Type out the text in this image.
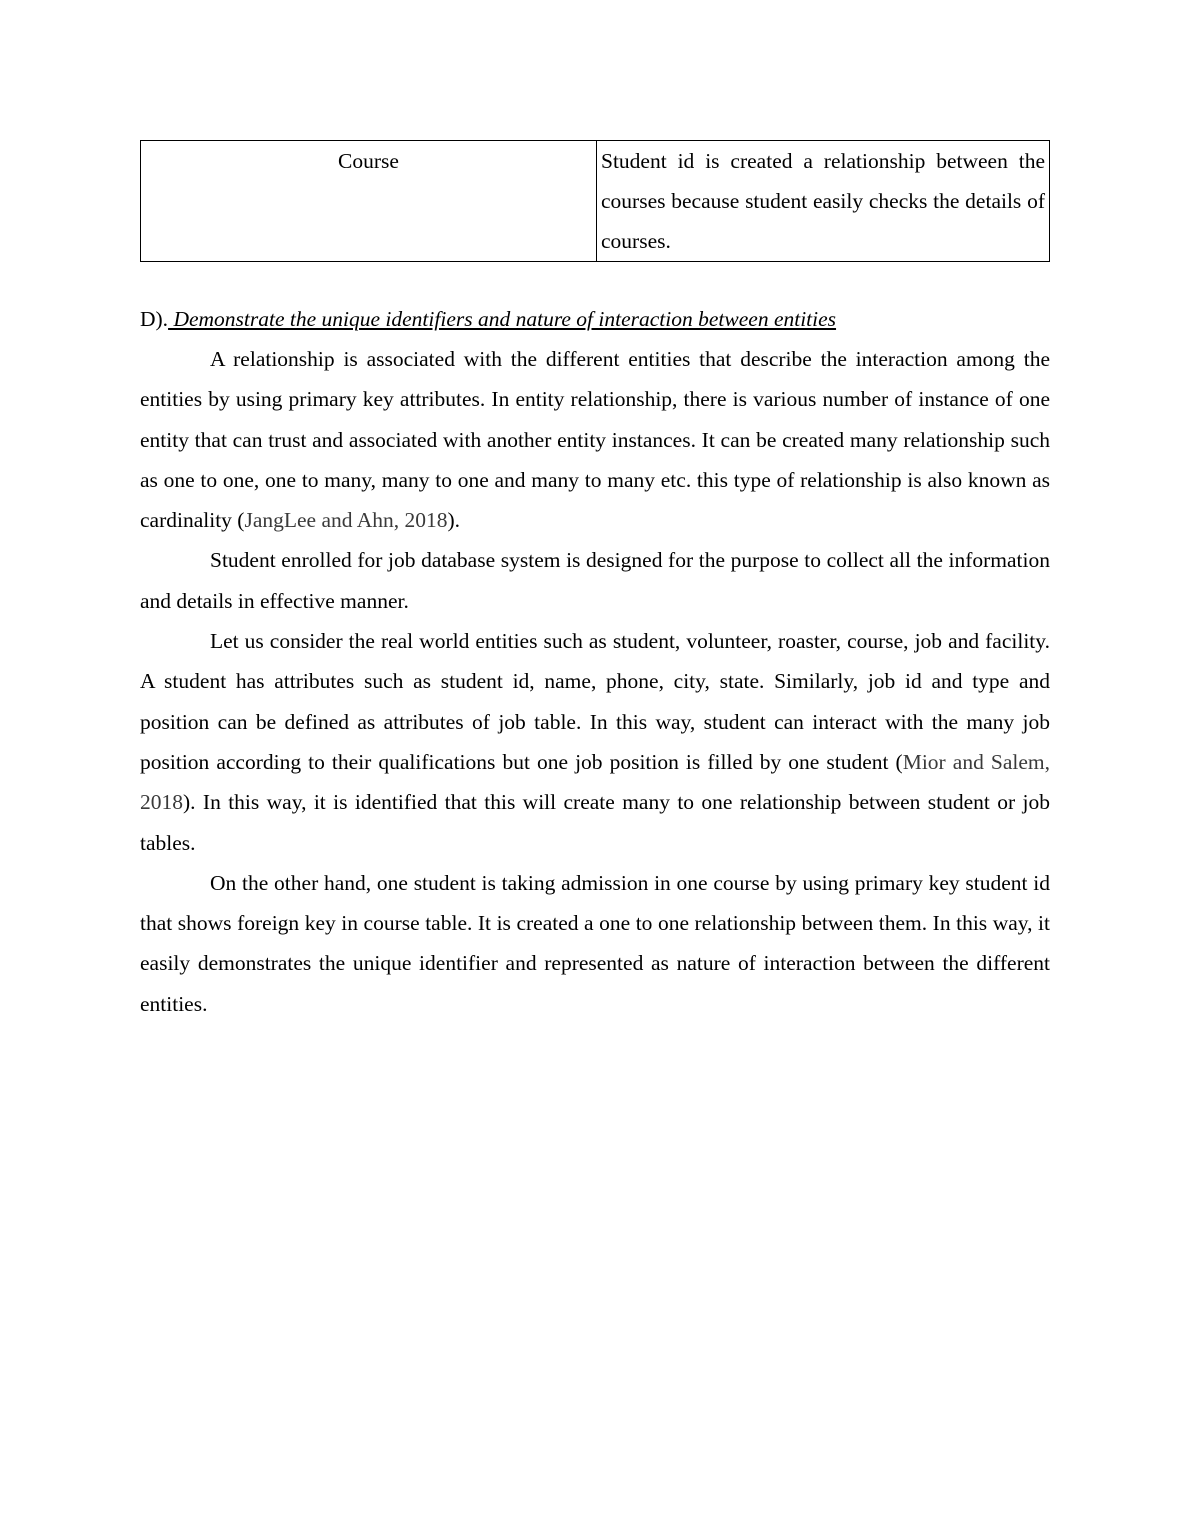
Course	Student id is created a relationship between the courses because student easily checks the details of courses.
D). Demonstrate the unique identifiers and nature of interaction between entities

A relationship is associated with the different entities that describe the interaction among the entities by using primary key attributes. In entity relationship, there is various number of instance of one entity that can trust and associated with another entity instances. It can be created many relationship such as one to one, one to many, many to one and many to many etc. this type of relationship is also known as cardinality (JangLee and Ahn, 2018).

Student enrolled for job database system is designed for the purpose to collect all the information and details in effective manner.

Let us consider the real world entities such as student, volunteer, roaster, course, job and facility. A student has attributes such as student id, name, phone, city, state. Similarly, job id and type and position can be defined as attributes of job table. In this way, student can interact with the many job position according to their qualifications but one job position is filled by one student (Mior and Salem, 2018). In this way, it is identified that this will create many to one relationship between student or job tables.

On the other hand, one student is taking admission in one course by using primary key student id that shows foreign key in course table. It is created a one to one relationship between them. In this way, it easily demonstrates the unique identifier and represented as nature of interaction between the different entities.
